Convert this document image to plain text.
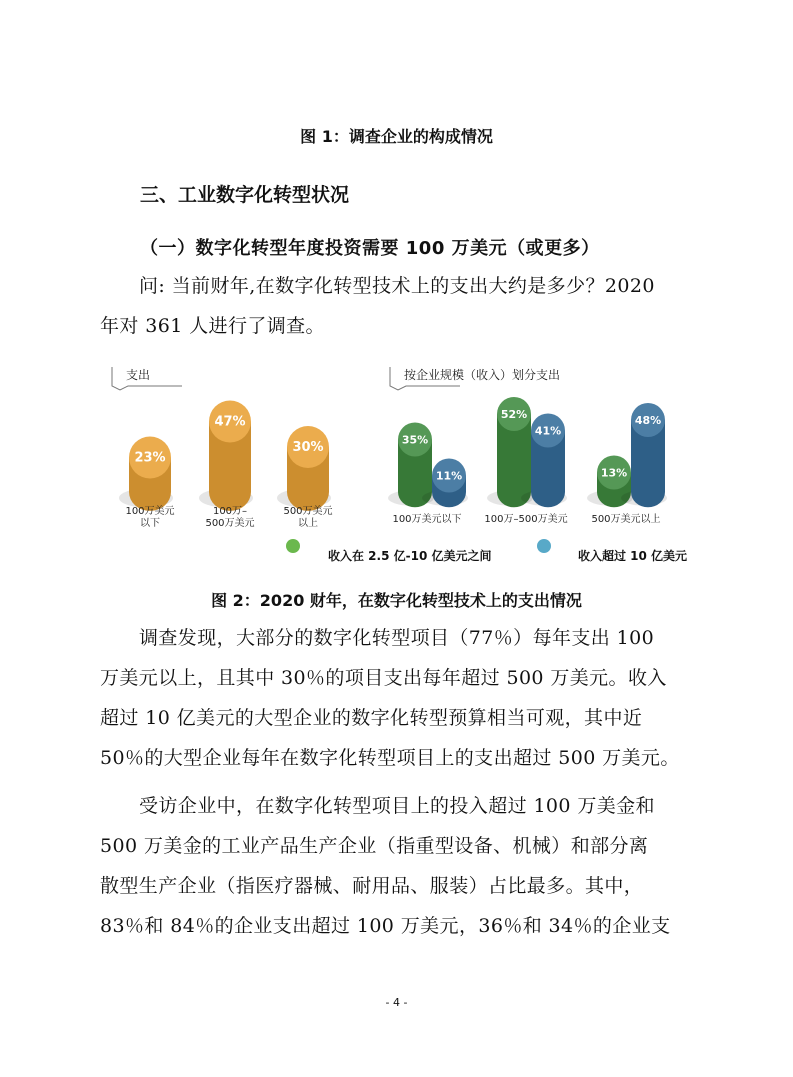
图 1：调查企业的构成情况
三、工业数字化转型状况
（一）数字化转型年度投资需要 100 万美元（或更多）
问: 当前财年,在数字化转型技术上的支出大约是多少？2020
年对 361 人进行了调查。
支出
23%
100万美元
以下
47%
100万–
500万美元
30%
500万美元
以上
按企业规模（收入）划分支出
35%
11%
100万美元以下
52%
41%
100万–500万美元
13%
48%
500万美元以上
收入在 2.5 亿-10 亿美元之间	收入超过 10 亿美元
图 2：2020 财年，在数字化转型技术上的支出情况
调查发现，大部分的数字化转型项目（77％）每年支出 100
万美元以上，且其中 30％的项目支出每年超过 500 万美元。收入
超过 10 亿美元的大型企业的数字化转型预算相当可观，其中近
50％的大型企业每年在数字化转型项目上的支出超过 500 万美元。
受访企业中，在数字化转型项目上的投入超过 100 万美金和
500 万美金的工业产品生产企业（指重型设备、机械）和部分离
散型生产企业（指医疗器械、耐用品、服装）占比最多。其中，
83％和 84％的企业支出超过 100 万美元，36％和 34％的企业支
- 4 -
